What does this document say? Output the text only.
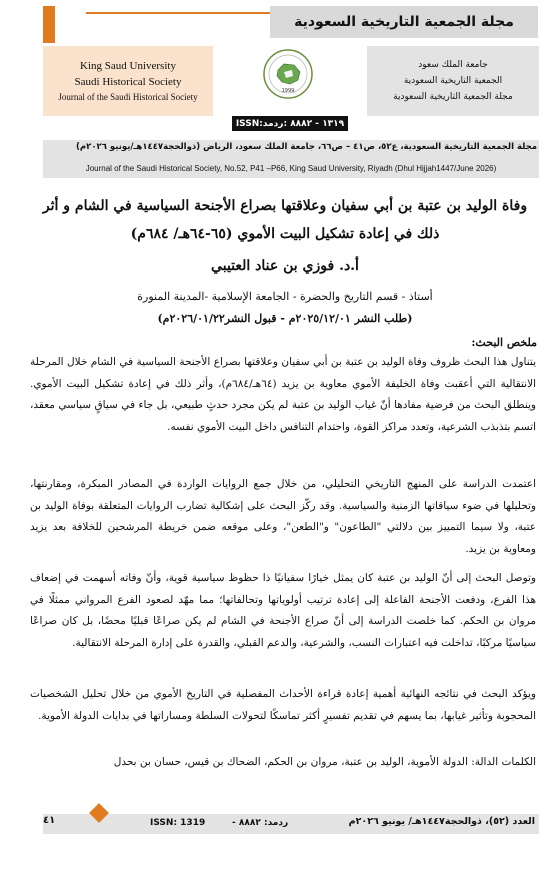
مجلة الجمعية التاريخية السعودية
King Saud University
Saudi Historical Society
Journal of the Saudi Historical Society
1999
جامعة الملك سعود
الجمعية التاريخية السعودية
مجلة الجمعية التاريخية السعودية
ISSN:١٣١٩ - ٨٨٨٢ :ردمد
مجلة الجمعية التاريخية السعودية، ع٥٢، ص٤١ – ص٦٦، جامعة الملك سعود، الرياض (ذوالحجة١٤٤٧هـ/يونيو ٢٠٢٦م)
Journal of the Saudi Historical Society, No.52, P41 –P66, King Saud University, Riyadh (Dhul Hijjah1447/June 2026)
وفاة الوليد بن عتبة بن أبي سفيان وعلاقتها بصراع الأجنحة السياسية في الشام و أثر
ذلك في إعادة تشكيل البيت الأموي (٦٥-٦٤هـ/ ٦٨٤م)
أ.د. فوزي بن عناد العتيبي
أستاذ - قسم التاريخ والحضرة - الجامعة الإسلامية -المدينة المنورة
(طلب النشر ٢٠٢٥/١٢/٠١م - قبول النشر٢٠٢٦/٠١/٢٢م)
ملخص البحث:
يتناول هذا البحث ظروف وفاة الوليد بن عتبة بن أبي سفيان وعلاقتها بصراع الأجنحة السياسية في الشام خلال المرحلة الانتقالية التي أعقبت وفاة الخليفة الأموي معاوية بن يزيد (٦٤هـ/٦٨٤م)، وأثر ذلك في إعادة تشكيل البيت الأموي. وينطلق البحث من فرضية مفادها أنّ غياب الوليد بن عتبة لم يكن مجرد حدثٍ طبيعي، بل جاء في سياقٍ سياسي معقد، اتسم بتذبذب الشرعية، وتعدد مراكز القوة، واحتدام التنافس داخل البيت الأموي نفسه.
اعتمدت الدراسة على المنهج التاريخي التحليلي، من خلال جمع الروايات الواردة في المصادر المبكرة، ومقارنتها، وتحليلها في ضوء سياقاتها الزمنية والسياسية. وقد ركّز البحث على إشكالية تضارب الروايات المتعلقة بوفاة الوليد بن عتبة، ولا سيما التمييز بين دلالتي "الطاعون" و"الطعن"، وعلى موقعه ضمن خريطة المرشحين للخلافة بعد يزيد ومعاوية بن يزيد.
وتوصل البحث إلى أنّ الوليد بن عتبة كان يمثل خيارًا سفيانيًا ذا حظوظ سياسية قوية، وأنّ وفاته أسهمت في إضعاف هذا الفرع، ودفعت الأجنحة الفاعلة إلى إعادة ترتيب أولوياتها وتحالفاتها؛ مما مهّد لصعود الفرع المرواني ممثلًا في مروان بن الحكم. كما خلصت الدراسة إلى أنّ صراع الأجنحة في الشام لم يكن صراعًا قبليًا محضًا، بل كان صراعًا سياسيًا مركبًا، تداخلت فيه اعتبارات النسب، والشرعية، والدعم القبلي، والقدرة على إدارة المرحلة الانتقالية.
ويؤكد البحث في نتائجه النهائية أهمية إعادة قراءة الأحداث المفصلية في التاريخ الأموي من خلال تحليل الشخصيات المحجوبة وتأثير غيابها، بما يسهم في تقديم تفسيرٍ أكثر تماسكًا لتحولات السلطة ومساراتها في بدايات الدولة الأموية.
الكلمات الدالة: الدولة الأموية، الوليد بن عتبة، مروان بن الحكم، الضحاك بن قيس، حسان بن بحدل
٤١	ISSN: 1319	ردمد: ٨٨٨٢ -	العدد (٥٢)، ذوالحجة١٤٤٧هـ/ يونيو ٢٠٢٦م
